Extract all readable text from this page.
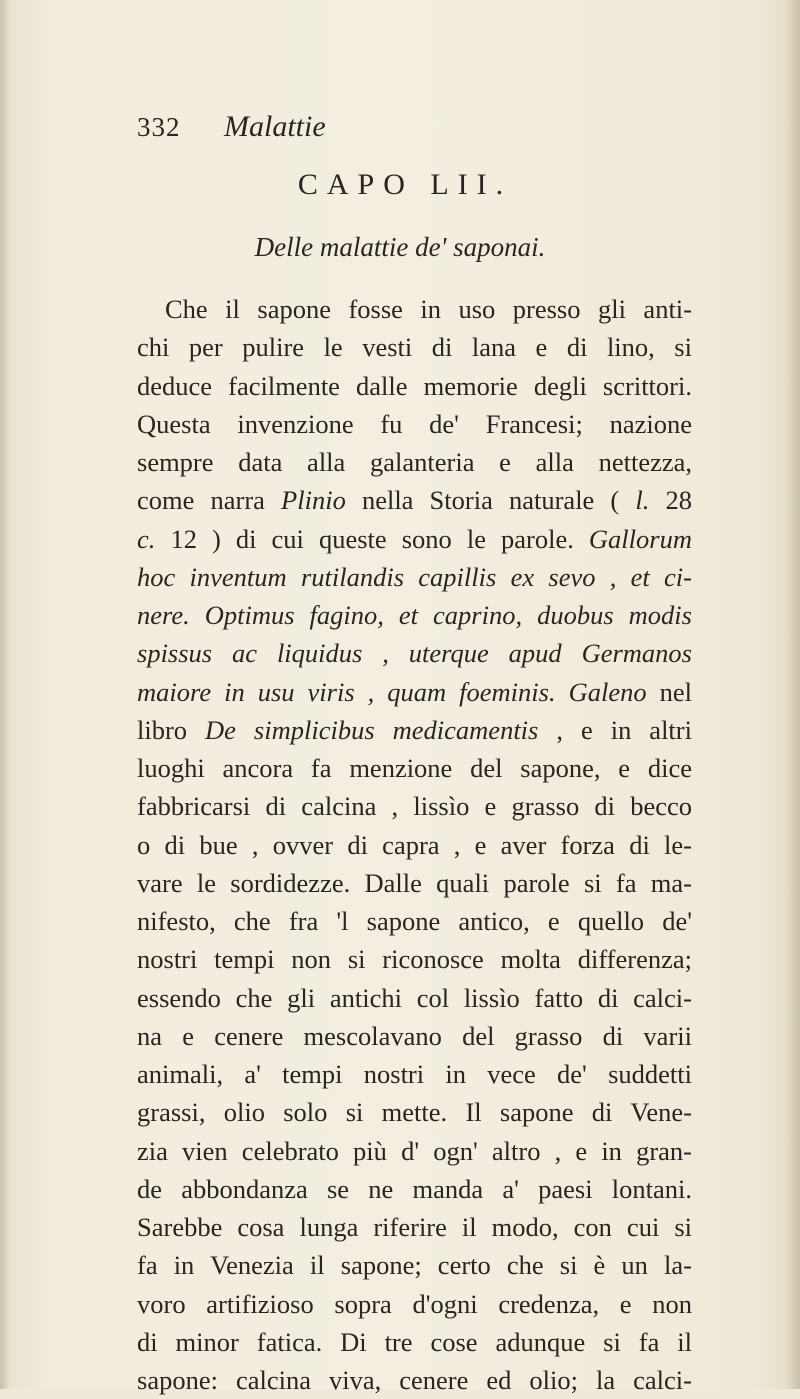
332 Malattie
CAPO LII.
Delle malattie de' saponai.
Che il sapone fosse in uso presso gli anti-
chi per pulire le vesti di lana e di lino, si
deduce facilmente dalle memorie degli scrittori.
Questa invenzione fu de' Francesi; nazione
sempre data alla galanteria e alla nettezza,
come narra Plinio nella Storia naturale ( l. 28
c. 12 ) di cui queste sono le parole. Gallorum
hoc inventum rutilandis capillis ex sevo , et ci-
nere. Optimus fagino, et caprino, duobus modis
spissus ac liquidus , uterque apud Germanos
maiore in usu viris , quam foeminis. Galeno nel
libro De simplicibus medicamentis , e in altri
luoghi ancora fa menzione del sapone, e dice
fabbricarsi di calcina , lissìo e grasso di becco
o di bue , ovver di capra , e aver forza di le-
vare le sordidezze. Dalle quali parole si fa ma-
nifesto, che fra 'l sapone antico, e quello de'
nostri tempi non si riconosce molta differenza;
essendo che gli antichi col lissìo fatto di calci-
na e cenere mescolavano del grasso di varii
animali, a' tempi nostri in vece de' suddetti
grassi, olio solo si mette. Il sapone di Vene-
zia vien celebrato più d' ogn' altro , e in gran-
de abbondanza se ne manda a' paesi lontani.
Sarebbe cosa lunga riferire il modo, con cui si
fa in Venezia il sapone; certo che si è un la-
voro artifizioso sopra d'ogni credenza, e non
di minor fatica. Di tre cose adunque si fa il
sapone: calcina viva, cenere ed olio; la calci-
